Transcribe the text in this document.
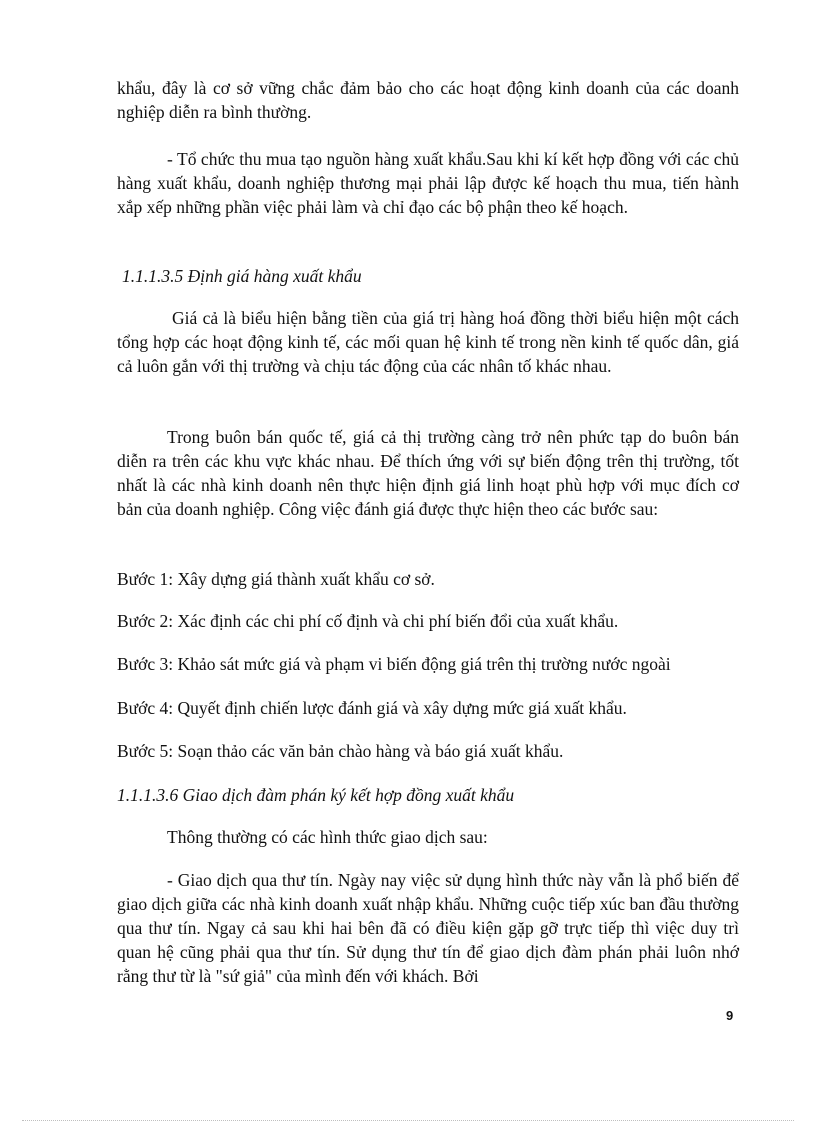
khẩu, đây là cơ sở vững chắc đảm bảo cho các hoạt động kinh doanh của các doanh nghiệp diễn ra bình thường.

- Tổ chức thu mua tạo nguồn hàng xuất khẩu.Sau khi kí kết hợp đồng với các chủ hàng xuất khẩu, doanh nghiệp thương mại phải lập được kế hoạch thu mua, tiến hành xắp xếp những phần việc phải làm và chỉ đạo các bộ phận theo kế hoạch.

1.1.1.3.5 Định giá hàng xuất khẩu

Giá cả là biểu hiện bằng tiền của giá trị hàng hoá đồng thời biểu hiện một cách tổng hợp các hoạt động kinh tế, các mối quan hệ kinh tế trong nền kinh tế quốc dân, giá cả luôn gắn với thị trường và chịu tác động của các nhân tố khác nhau.

Trong buôn bán quốc tế, giá cả thị trường càng trở nên phức tạp do buôn bán diễn ra trên các khu vực khác nhau. Để thích ứng với sự biến động trên thị trường, tốt nhất là các nhà kinh doanh nên thực hiện định giá linh hoạt phù hợp với mục đích cơ bản của doanh nghiệp. Công việc đánh giá được thực hiện theo các bước sau:

Bước 1: Xây dựng giá thành xuất khẩu cơ sở.

Bước 2: Xác định các chi phí cố định và chi phí biến đổi của xuất khẩu.

Bước 3: Khảo sát mức giá và phạm vi biến động giá trên thị trường nước ngoài

Bước 4: Quyết định chiến lược đánh giá và xây dựng mức giá xuất khẩu.

Bước 5: Soạn thảo các văn bản chào hàng và báo giá xuất khẩu.

1.1.1.3.6 Giao dịch đàm phán ký kết hợp đồng xuất khẩu

Thông thường có các hình thức giao dịch sau:

- Giao dịch qua thư tín. Ngày nay việc sử dụng hình thức này vẫn là phổ biến để giao dịch giữa các nhà kinh doanh xuất nhập khẩu. Những cuộc tiếp xúc ban đầu thường qua thư tín. Ngay cả sau khi hai bên đã có điều kiện gặp gỡ trực tiếp thì việc duy trì quan hệ cũng phải qua thư tín. Sử dụng thư tín để giao dịch đàm phán phải luôn nhớ rằng thư từ là "sứ giả" của mình đến với khách. Bởi

9
